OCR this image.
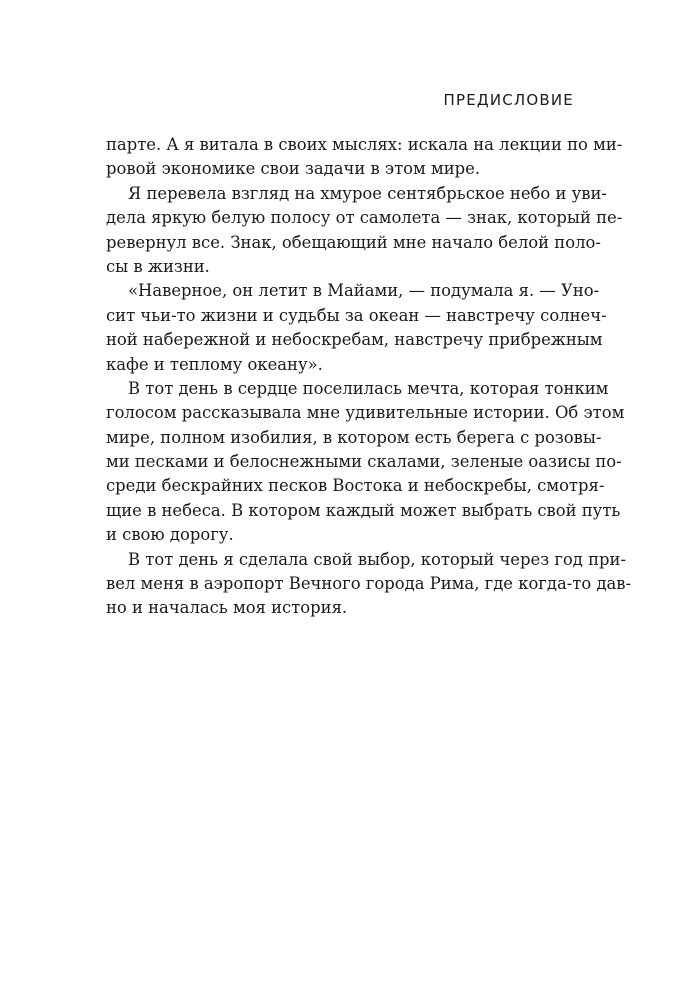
ПРЕДИСЛОВИЕ
парте. А я витала в своих мыслях: искала на лекции по ми-
ровой экономике свои задачи в этом мире.
Я перевела взгляд на хмурое сентябрьское небо и уви-
дела яркую белую полосу от самолета — знак, который пе-
ревернул все. Знак, обещающий мне начало белой поло-
сы в жизни.
«Наверное, он летит в Майами, — подумала я. — Уно-
сит чьи-то жизни и судьбы за океан — навстречу солнеч-
ной набережной и небоскребам, навстречу прибрежным
кафе и теплому океану».
В тот день в сердце поселилась мечта, которая тонким
голосом рассказывала мне удивительные истории. Об этом
мире, полном изобилия, в котором есть берега с розовы-
ми песками и белоснежными скалами, зеленые оазисы по-
среди бескрайних песков Востока и небоскребы, смотря-
щие в небеса. В котором каждый может выбрать свой путь
и свою дорогу.
В тот день я сделала свой выбор, который через год при-
вел меня в аэропорт Вечного города Рима, где когда-то дав-
но и началась моя история.
